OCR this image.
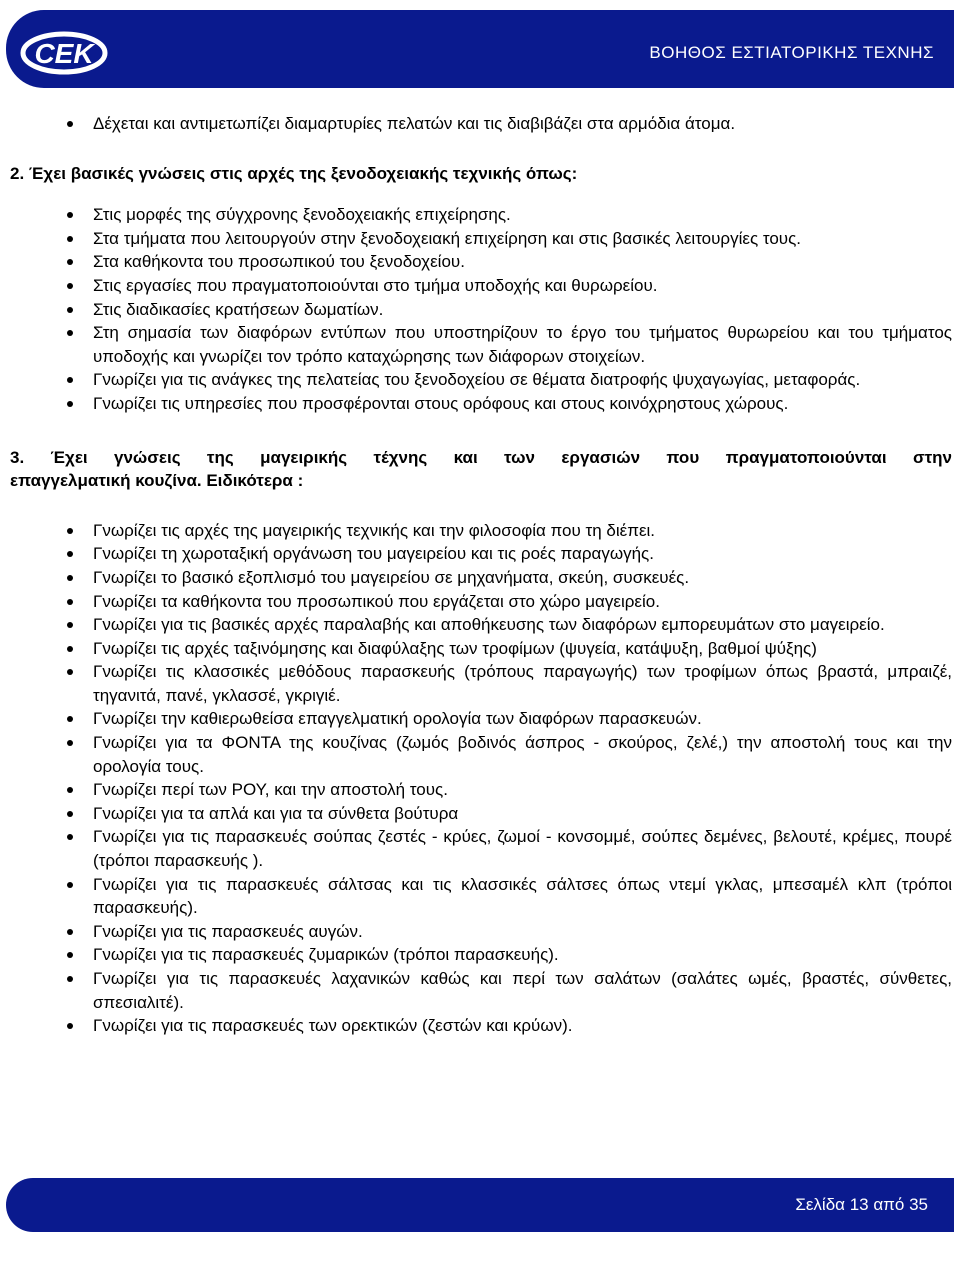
CEK	ΒΟΗΘΟΣ ΕΣΤΙΑΤΟΡΙΚΗΣ ΤΕΧΝΗΣ
Δέχεται και αντιμετωπίζει διαμαρτυρίες πελατών και τις διαβιβάζει στα αρμόδια άτομα.
2. Έχει βασικές γνώσεις στις αρχές της ξενοδοχειακής τεχνικής όπως:
Στις μορφές της σύγχρονης ξενοδοχειακής επιχείρησης.
Στα τμήματα που λειτουργούν στην ξενοδοχειακή επιχείρηση και στις βασικές λειτουργίες τους.
Στα καθήκοντα του προσωπικού του ξενοδοχείου.
Στις εργασίες που πραγματοποιούνται στο τμήμα υποδοχής και θυρωρείου.
Στις διαδικασίες κρατήσεων δωματίων.
Στη σημασία των διαφόρων εντύπων που υποστηρίζουν το έργο του τμήματος θυρωρείου και του τμήματος υποδοχής και γνωρίζει τον τρόπο καταχώρησης των διάφορων στοιχείων.
Γνωρίζει για τις ανάγκες της πελατείας του ξενοδοχείου σε θέματα διατροφής ψυχαγωγίας, μεταφοράς.
Γνωρίζει τις υπηρεσίες που προσφέρονται στους ορόφους και στους κοινόχρηστους χώρους.
3. Έχει γνώσεις της μαγειρικής τέχνης και των εργασιών που πραγματοποιούνται στην
επαγγελματική κουζίνα. Ειδικότερα :
Γνωρίζει τις αρχές της μαγειρικής τεχνικής και την φιλοσοφία που τη διέπει.
Γνωρίζει τη χωροταξική οργάνωση του μαγειρείου και τις ροές παραγωγής.
Γνωρίζει το βασικό εξοπλισμό του μαγειρείου σε μηχανήματα, σκεύη, συσκευές.
Γνωρίζει τα καθήκοντα του προσωπικού που εργάζεται στο χώρο μαγειρείο.
Γνωρίζει για τις βασικές αρχές παραλαβής και αποθήκευσης των διαφόρων εμπορευμάτων στο μαγειρείο.
Γνωρίζει τις αρχές ταξινόμησης και διαφύλαξης των τροφίμων (ψυγεία, κατάψυξη, βαθμοί ψύξης)
Γνωρίζει τις κλασσικές μεθόδους παρασκευής (τρόπους παραγωγής) των τροφίμων όπως βραστά, μπραιζέ, τηγανιτά, πανέ, γκλασσέ, γκριγιέ.
Γνωρίζει την καθιερωθείσα επαγγελματική ορολογία των διαφόρων παρασκευών.
Γνωρίζει για τα ΦΟΝΤΑ της κουζίνας (ζωμός βοδινός άσπρος - σκούρος, ζελέ,) την αποστολή τους και την ορολογία τους.
Γνωρίζει περί των ΡΟΥ, και την αποστολή τους.
Γνωρίζει για τα απλά και για τα σύνθετα βούτυρα
Γνωρίζει για τις παρασκευές σούπας ζεστές - κρύες, ζωμοί - κονσομμέ, σούπες δεμένες, βελουτέ, κρέμες, πουρέ (τρόποι παρασκευής ).
Γνωρίζει για τις παρασκευές σάλτσας και τις κλασσικές σάλτσες όπως ντεμί γκλας, μπεσαμέλ κλπ (τρόποι παρασκευής).
Γνωρίζει για τις παρασκευές αυγών.
Γνωρίζει για τις παρασκευές ζυμαρικών (τρόποι παρασκευής).
Γνωρίζει για τις παρασκευές λαχανικών καθώς και περί των σαλάτων (σαλάτες ωμές, βραστές, σύνθετες, σπεσιαλιτέ).
Γνωρίζει για τις παρασκευές των ορεκτικών (ζεστών και κρύων).
Σελίδα 13 από 35
